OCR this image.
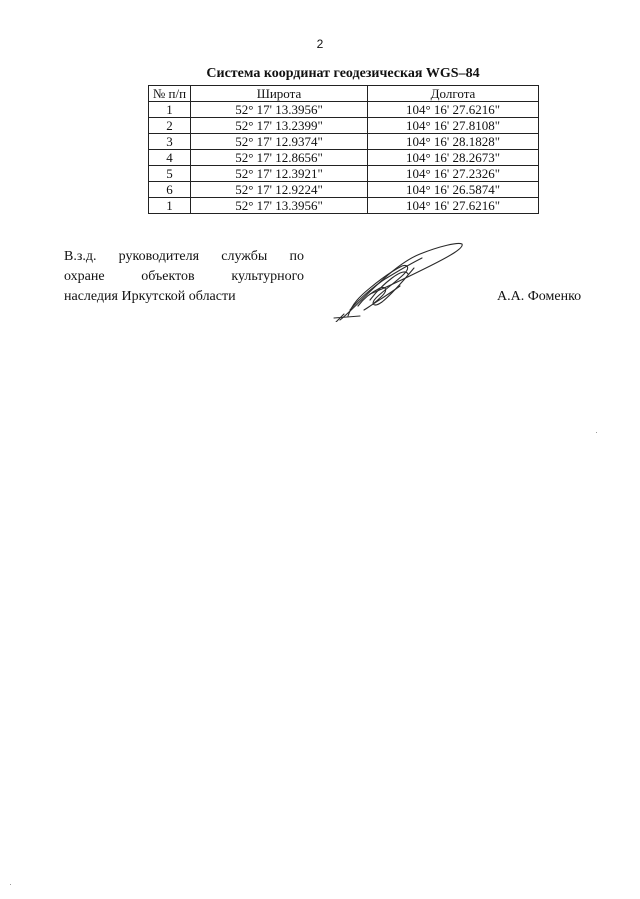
2
Система координат геодезическая WGS–84
№ п/п	Широта	Долгота
1	52° 17' 13.3956"	104° 16' 27.6216"
2	52° 17' 13.2399"	104° 16' 27.8108"
3	52° 17' 12.9374"	104° 16' 28.1828"
4	52° 17' 12.8656"	104° 16' 28.2673"
5	52° 17' 12.3921"	104° 16' 27.2326"
6	52° 17' 12.9224"	104° 16' 26.5874"
1	52° 17' 13.3956"	104° 16' 27.6216"
В.з.д. руководителя службы по
охране объектов культурного
наследия Иркутской области	А.А. Фоменко
